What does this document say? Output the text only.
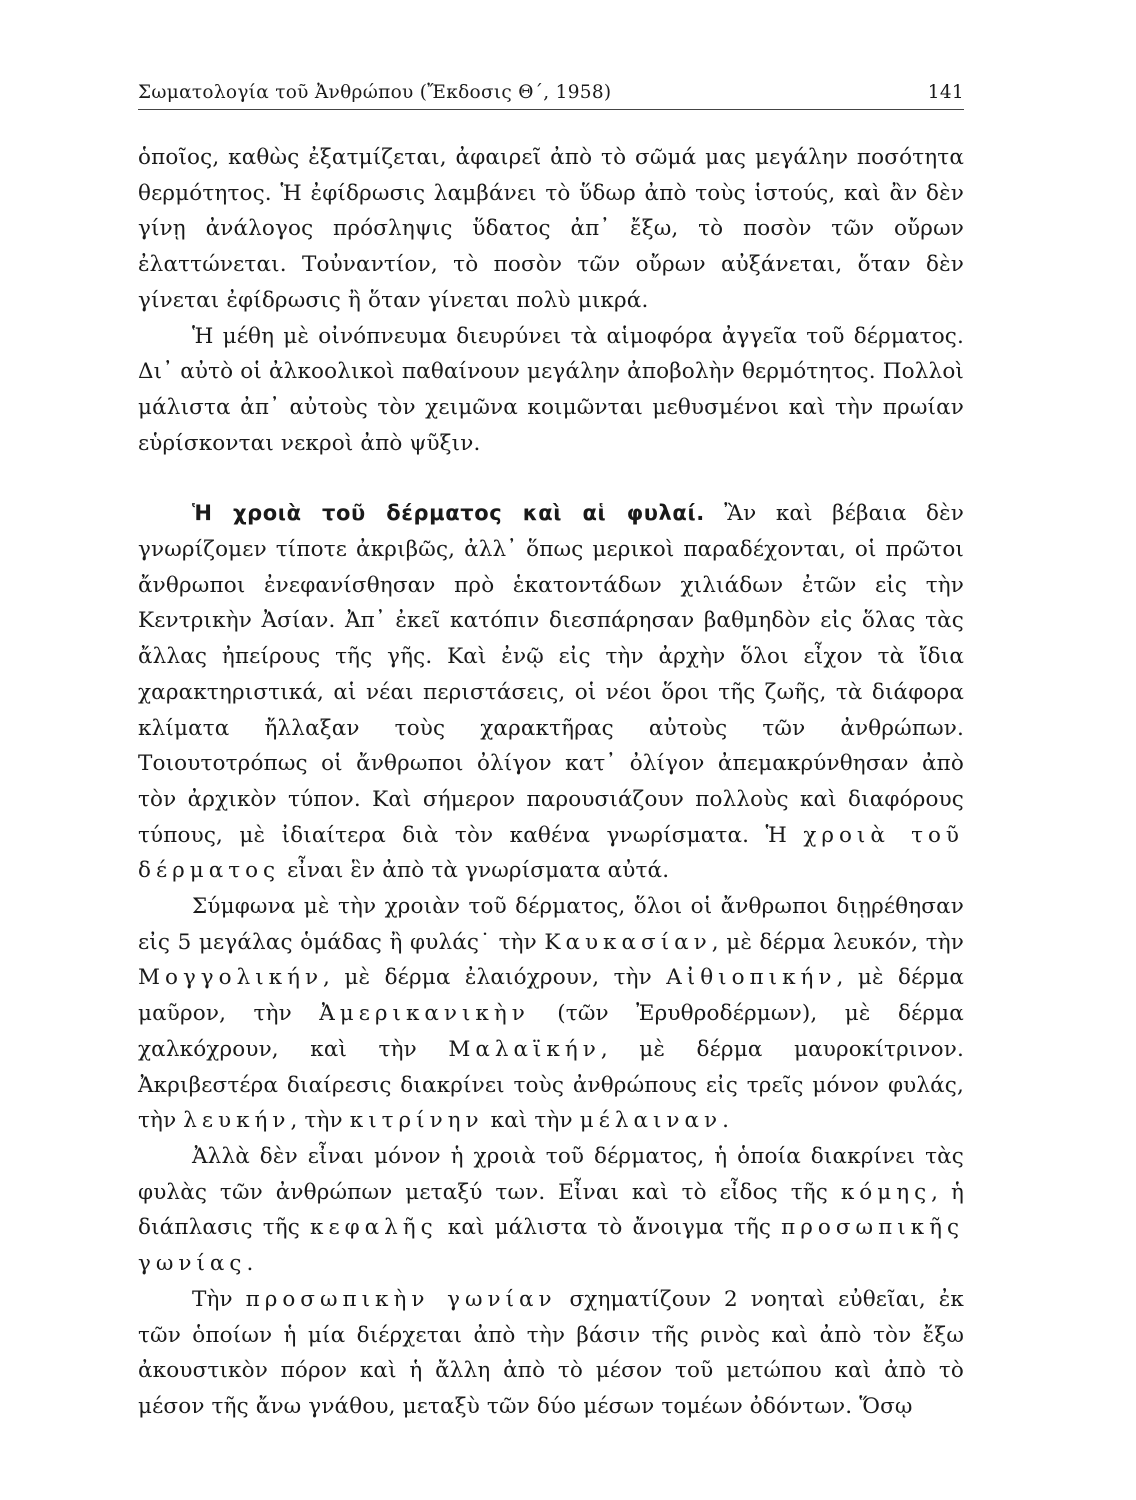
Σωματολογία τοῦ Ἀνθρώπου (Ἔκδοσις Θ΄, 1958)	141

ὁποῖος, καθὼς ἐξατμίζεται, ἀφαιρεῖ ἀπὸ τὸ σῶμά μας μεγάλην ποσότητα θερμότητος. Ἡ ἐφίδρωσις λαμβάνει τὸ ὕδωρ ἀπὸ τοὺς ἱστούς, καὶ ἂν δὲν γίνῃ ἀνάλογος πρόσληψις ὕδατος ἀπ᾽ ἔξω, τὸ ποσὸν τῶν οὔρων ἐλαττώνεται. Τοὐναντίον, τὸ ποσὸν τῶν οὔρων αὐξάνεται, ὅταν δὲν γίνεται ἐφίδρωσις ἢ ὅταν γίνεται πολὺ μικρά.

Ἡ μέθη μὲ οἰνόπνευμα διευρύνει τὰ αἱμοφόρα ἀγγεῖα τοῦ δέρματος. Δι᾽ αὐτὸ οἱ ἀλκοολικοὶ παθαίνουν μεγάλην ἀποβολὴν θερμότητος. Πολλοὶ μάλιστα ἀπ᾽ αὐτοὺς τὸν χειμῶνα κοιμῶνται μεθυσμένοι καὶ τὴν πρωίαν εὑρίσκονται νεκροὶ ἀπὸ ψῦξιν.

Ἡ χροιὰ τοῦ δέρματος καὶ αἱ φυλαί. Ἂν καὶ βέβαια δὲν γνωρίζομεν τίποτε ἀκριβῶς, ἀλλ᾽ ὅπως μερικοὶ παραδέχονται, οἱ πρῶτοι ἄνθρωποι ἐνεφανίσθησαν πρὸ ἑκατοντάδων χιλιάδων ἐτῶν εἰς τὴν Κεντρικὴν Ἀσίαν. Ἀπ᾽ ἐκεῖ κατόπιν διεσπάρησαν βαθμηδὸν εἰς ὅλας τὰς ἄλλας ἠπείρους τῆς γῆς. Καὶ ἐνῷ εἰς τὴν ἀρχὴν ὅλοι εἶχον τὰ ἴδια χαρακτηριστικά, αἱ νέαι περιστάσεις, οἱ νέοι ὅροι τῆς ζωῆς, τὰ διάφορα κλίματα ἤλλαξαν τοὺς χαρακτῆρας αὐτοὺς τῶν ἀνθρώπων. Τοιουτοτρόπως οἱ ἄνθρωποι ὀλίγον κατ᾽ ὀλίγον ἀπεμακρύνθησαν ἀπὸ τὸν ἀρχικὸν τύπον. Καὶ σήμερον παρουσιάζουν πολλοὺς καὶ διαφόρους τύπους, μὲ ἰδιαίτερα διὰ τὸν καθένα γνωρίσματα. Ἡ χροιὰ τοῦ δέρματος εἶναι ἓν ἀπὸ τὰ γνωρίσματα αὐτά.

Σύμφωνα μὲ τὴν χροιὰν τοῦ δέρματος, ὅλοι οἱ ἄνθρωποι διῃρέθησαν εἰς 5 μεγάλας ὁμάδας ἢ φυλάς˙ τὴν Καυκασίαν, μὲ δέρμα λευκόν, τὴν Μογγολικήν, μὲ δέρμα ἐλαιόχρουν, τὴν Αἰθιοπικήν, μὲ δέρμα μαῦρον, τὴν Ἀμερικανικὴν (τῶν Ἐρυθροδέρμων), μὲ δέρμα χαλκόχρουν, καὶ τὴν Μαλαϊκήν, μὲ δέρμα μαυροκίτρινον. Ἀκριβεστέρα διαίρεσις διακρίνει τοὺς ἀνθρώπους εἰς τρεῖς μόνον φυλάς, τὴν λευκήν, τὴν κιτρίνην καὶ τὴν μέλαιναν.

Ἀλλὰ δὲν εἶναι μόνον ἡ χροιὰ τοῦ δέρματος, ἡ ὁποία διακρίνει τὰς φυλὰς τῶν ἀνθρώπων μεταξύ των. Εἶναι καὶ τὸ εἶδος τῆς κόμης, ἡ διάπλασις τῆς κεφαλῆς καὶ μάλιστα τὸ ἄνοιγμα τῆς προσωπικῆς γωνίας.

Τὴν προσωπικὴν γωνίαν σχηματίζουν 2 νοηταὶ εὐθεῖαι, ἐκ τῶν ὁποίων ἡ μία διέρχεται ἀπὸ τὴν βάσιν τῆς ρινὸς καὶ ἀπὸ τὸν ἔξω ἀκουστικὸν πόρον καὶ ἡ ἄλλη ἀπὸ τὸ μέσον τοῦ μετώπου καὶ ἀπὸ τὸ μέσον τῆς ἄνω γνάθου, μεταξὺ τῶν δύο μέσων τομέων ὀδόντων. Ὅσῳ
